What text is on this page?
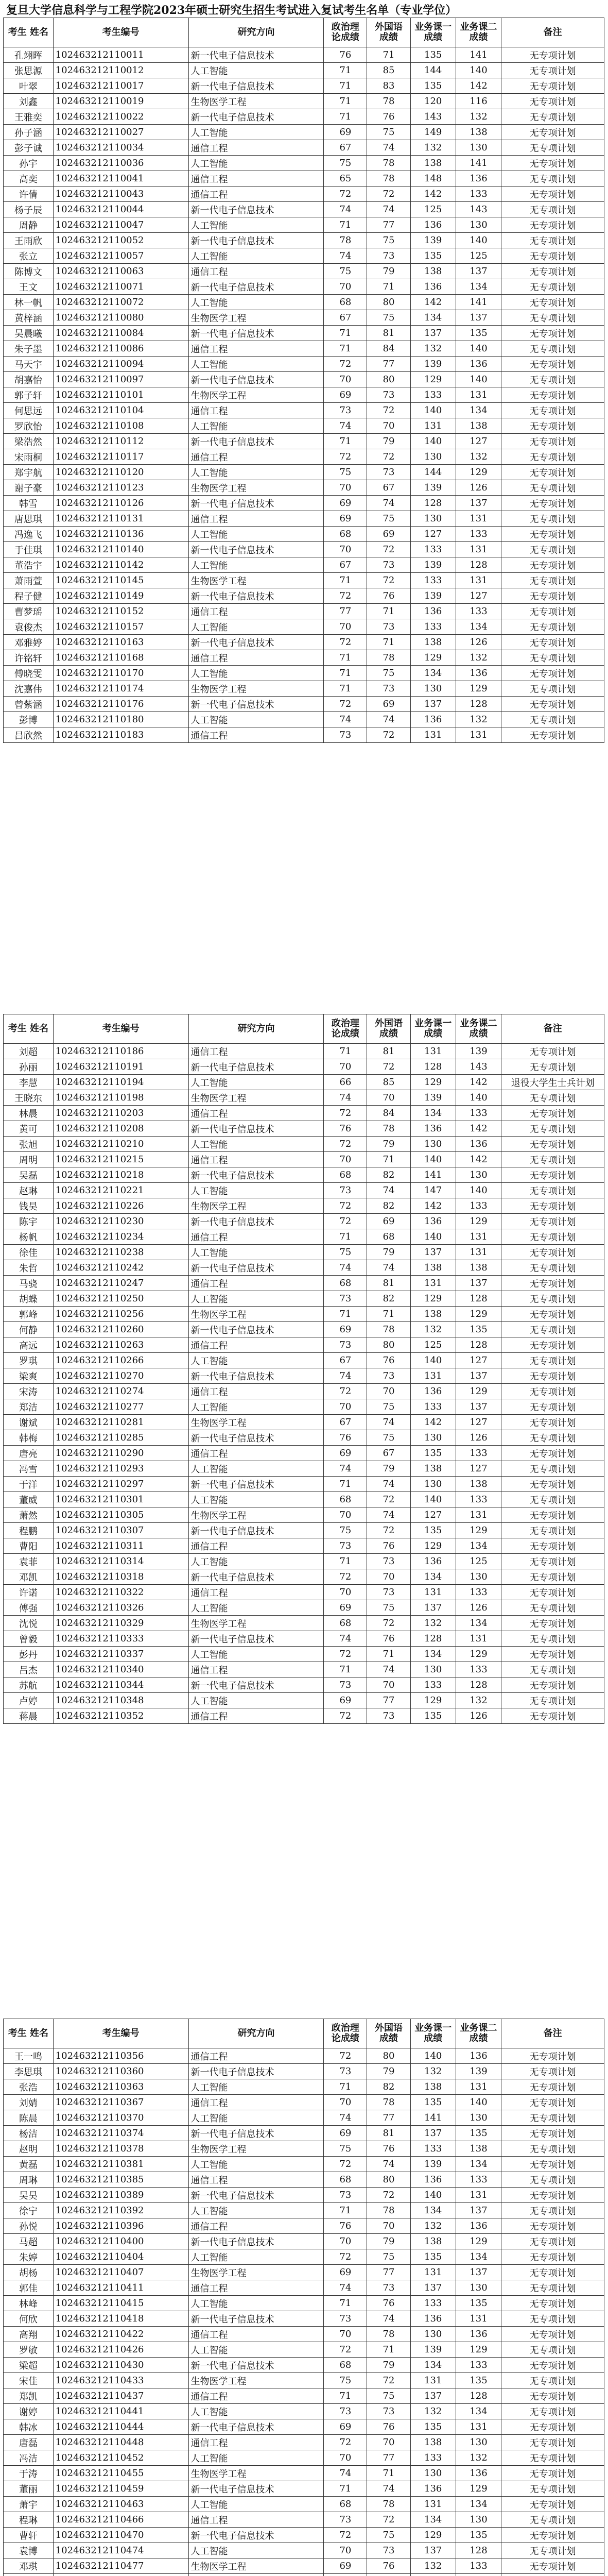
复旦大学信息科学与工程学院2023年硕士研究生招生考试进入复试考生名单（专业学位）
考生 姓名	考生编号	研究方向	政治理 论成绩	外国语 成绩	业务课一 成绩	业务课二 成绩	备注
孔翊晖	102463212110011	新一代电子信息技术	76	71	135	141	无专项计划
张思源	102463212110012	人工智能	71	85	144	140	无专项计划
叶翠	102463212110017	新一代电子信息技术	71	83	135	142	无专项计划
刘鑫	102463212110019	生物医学工程	71	78	120	116	无专项计划
王雅奕	102463212110022	新一代电子信息技术	71	76	143	132	无专项计划
孙子涵	102463212110027	人工智能	69	75	149	138	无专项计划
彭子诚	102463212110034	通信工程	67	74	132	130	无专项计划
孙宇	102463212110036	人工智能	75	78	138	141	无专项计划
高奕	102463212110041	通信工程	65	78	148	136	无专项计划
许倩	102463212110043	通信工程	72	72	142	133	无专项计划
杨子辰	102463212110044	新一代电子信息技术	74	74	125	143	无专项计划
周静	102463212110047	人工智能	71	77	136	130	无专项计划
王雨欣	102463212110052	新一代电子信息技术	78	75	139	140	无专项计划
张立	102463212110057	人工智能	74	73	135	125	无专项计划
陈博文	102463212110063	通信工程	75	79	138	137	无专项计划
王文	102463212110071	新一代电子信息技术	70	71	136	134	无专项计划
林一帆	102463212110072	人工智能	68	80	142	141	无专项计划
黄梓涵	102463212110080	生物医学工程	67	75	134	137	无专项计划
吴晨曦	102463212110084	新一代电子信息技术	71	81	137	135	无专项计划
朱子墨	102463212110086	通信工程	71	84	132	140	无专项计划
马天宇	102463212110094	人工智能	72	77	139	136	无专项计划
胡嘉怡	102463212110097	新一代电子信息技术	70	80	129	140	无专项计划
郭子轩	102463212110101	生物医学工程	69	73	133	131	无专项计划
何思远	102463212110104	通信工程	73	72	140	134	无专项计划
罗欣怡	102463212110108	人工智能	74	70	131	138	无专项计划
梁浩然	102463212110112	新一代电子信息技术	71	79	140	127	无专项计划
宋雨桐	102463212110117	通信工程	72	72	130	132	无专项计划
郑宇航	102463212110120	人工智能	75	73	144	129	无专项计划
谢子豪	102463212110123	生物医学工程	70	67	139	126	无专项计划
韩雪	102463212110126	新一代电子信息技术	69	74	128	137	无专项计划
唐思琪	102463212110131	通信工程	69	75	130	131	无专项计划
冯逸飞	102463212110136	人工智能	68	69	127	133	无专项计划
于佳琪	102463212110140	新一代电子信息技术	70	72	133	131	无专项计划
董浩宇	102463212110142	人工智能	67	73	139	128	无专项计划
萧雨萱	102463212110145	生物医学工程	71	72	133	131	无专项计划
程子健	102463212110149	新一代电子信息技术	72	76	139	127	无专项计划
曹梦瑶	102463212110152	通信工程	77	71	136	133	无专项计划
袁俊杰	102463212110157	人工智能	70	73	133	134	无专项计划
邓雅婷	102463212110163	新一代电子信息技术	72	71	138	126	无专项计划
许铭轩	102463212110168	通信工程	71	78	129	132	无专项计划
傅晓雯	102463212110170	人工智能	71	75	134	136	无专项计划
沈嘉伟	102463212110174	生物医学工程	71	73	130	129	无专项计划
曾紫涵	102463212110176	新一代电子信息技术	72	69	137	128	无专项计划
彭博	102463212110180	人工智能	74	74	136	132	无专项计划
吕欣然	102463212110183	通信工程	73	72	131	131	无专项计划
考生 姓名	考生编号	研究方向	政治理 论成绩	外国语 成绩	业务课一 成绩	业务课二 成绩	备注
刘超	102463212110186	通信工程	71	81	131	139	无专项计划
孙丽	102463212110191	新一代电子信息技术	70	72	128	143	无专项计划
李慧	102463212110194	人工智能	66	85	129	142	退役大学生士兵计划
王晓东	102463212110198	生物医学工程	74	70	139	140	无专项计划
林晨	102463212110203	通信工程	72	84	134	133	无专项计划
黄可	102463212110208	新一代电子信息技术	76	78	136	142	无专项计划
张旭	102463212110210	人工智能	72	79	130	136	无专项计划
周明	102463212110215	通信工程	70	71	140	142	无专项计划
吴磊	102463212110218	新一代电子信息技术	68	82	141	130	无专项计划
赵琳	102463212110221	人工智能	73	74	147	140	无专项计划
钱昊	102463212110226	生物医学工程	72	82	142	133	无专项计划
陈宇	102463212110230	新一代电子信息技术	72	69	136	129	无专项计划
杨帆	102463212110234	通信工程	71	68	140	131	无专项计划
徐佳	102463212110238	人工智能	75	79	137	131	无专项计划
朱哲	102463212110242	新一代电子信息技术	74	74	138	138	无专项计划
马骁	102463212110247	通信工程	68	81	131	137	无专项计划
胡蝶	102463212110250	人工智能	73	82	129	128	无专项计划
郭峰	102463212110256	生物医学工程	71	71	138	129	无专项计划
何静	102463212110260	新一代电子信息技术	69	78	132	135	无专项计划
高远	102463212110263	通信工程	73	80	125	128	无专项计划
罗琪	102463212110266	人工智能	67	76	140	127	无专项计划
梁爽	102463212110270	新一代电子信息技术	74	73	131	137	无专项计划
宋涛	102463212110274	通信工程	72	70	136	129	无专项计划
郑洁	102463212110277	人工智能	70	75	133	137	无专项计划
谢斌	102463212110281	生物医学工程	67	74	142	127	无专项计划
韩梅	102463212110285	新一代电子信息技术	76	75	130	126	无专项计划
唐亮	102463212110290	通信工程	69	67	135	133	无专项计划
冯雪	102463212110293	人工智能	74	79	138	127	无专项计划
于洋	102463212110297	新一代电子信息技术	71	74	130	138	无专项计划
董威	102463212110301	人工智能	68	72	140	133	无专项计划
萧然	102463212110305	生物医学工程	70	74	127	131	无专项计划
程鹏	102463212110307	新一代电子信息技术	75	72	135	129	无专项计划
曹阳	102463212110311	通信工程	73	76	129	134	无专项计划
袁菲	102463212110314	人工智能	71	73	136	125	无专项计划
邓凯	102463212110318	新一代电子信息技术	72	70	134	130	无专项计划
许诺	102463212110322	通信工程	70	73	131	133	无专项计划
傅强	102463212110326	人工智能	69	75	137	126	无专项计划
沈悦	102463212110329	生物医学工程	68	72	132	134	无专项计划
曾毅	102463212110333	新一代电子信息技术	74	76	128	131	无专项计划
彭丹	102463212110337	人工智能	72	71	134	129	无专项计划
吕杰	102463212110340	通信工程	71	74	130	133	无专项计划
苏航	102463212110344	新一代电子信息技术	73	70	133	128	无专项计划
卢婷	102463212110348	人工智能	69	77	129	132	无专项计划
蒋晨	102463212110352	通信工程	72	73	135	126	无专项计划
考生 姓名	考生编号	研究方向	政治理 论成绩	外国语 成绩	业务课一 成绩	业务课二 成绩	备注
王一鸣	102463212110356	通信工程	72	80	140	136	无专项计划
李思琪	102463212110360	新一代电子信息技术	73	79	132	139	无专项计划
张浩	102463212110363	人工智能	71	82	138	131	无专项计划
刘婧	102463212110367	通信工程	70	78	135	140	无专项计划
陈晨	102463212110370	人工智能	74	77	141	130	无专项计划
杨洁	102463212110374	新一代电子信息技术	69	81	137	135	无专项计划
赵明	102463212110378	生物医学工程	75	76	133	138	无专项计划
黄磊	102463212110381	人工智能	72	74	139	134	无专项计划
周琳	102463212110385	通信工程	68	80	136	133	无专项计划
吴昊	102463212110389	新一代电子信息技术	73	72	140	131	无专项计划
徐宁	102463212110392	人工智能	71	78	134	137	无专项计划
孙悦	102463212110396	通信工程	76	70	132	136	无专项计划
马超	102463212110400	新一代电子信息技术	70	79	138	129	无专项计划
朱婷	102463212110404	人工智能	72	75	135	134	无专项计划
胡杨	102463212110407	生物医学工程	69	77	131	137	无专项计划
郭佳	102463212110411	通信工程	74	73	137	130	无专项计划
林峰	102463212110415	人工智能	71	76	133	135	无专项计划
何欣	102463212110418	新一代电子信息技术	73	74	136	131	无专项计划
高翔	102463212110422	通信工程	70	78	130	136	无专项计划
罗敏	102463212110426	人工智能	72	71	139	129	无专项计划
梁超	102463212110430	新一代电子信息技术	68	79	134	133	无专项计划
宋佳	102463212110433	生物医学工程	75	72	131	135	无专项计划
郑凯	102463212110437	通信工程	71	75	137	128	无专项计划
谢婷	102463212110441	人工智能	73	73	132	134	无专项计划
韩冰	102463212110444	新一代电子信息技术	69	76	135	131	无专项计划
唐磊	102463212110448	通信工程	72	70	138	130	无专项计划
冯洁	102463212110452	人工智能	70	77	133	132	无专项计划
于涛	102463212110455	生物医学工程	74	71	130	136	无专项计划
董丽	102463212110459	新一代电子信息技术	71	74	136	129	无专项计划
萧宇	102463212110463	人工智能	68	78	131	134	无专项计划
程琳	102463212110466	通信工程	73	72	134	130	无专项计划
曹轩	102463212110470	新一代电子信息技术	72	75	129	135	无专项计划
袁博	102463212110474	人工智能	70	73	137	128	无专项计划
邓琪	102463212110477	生物医学工程	69	76	132	133	无专项计划
